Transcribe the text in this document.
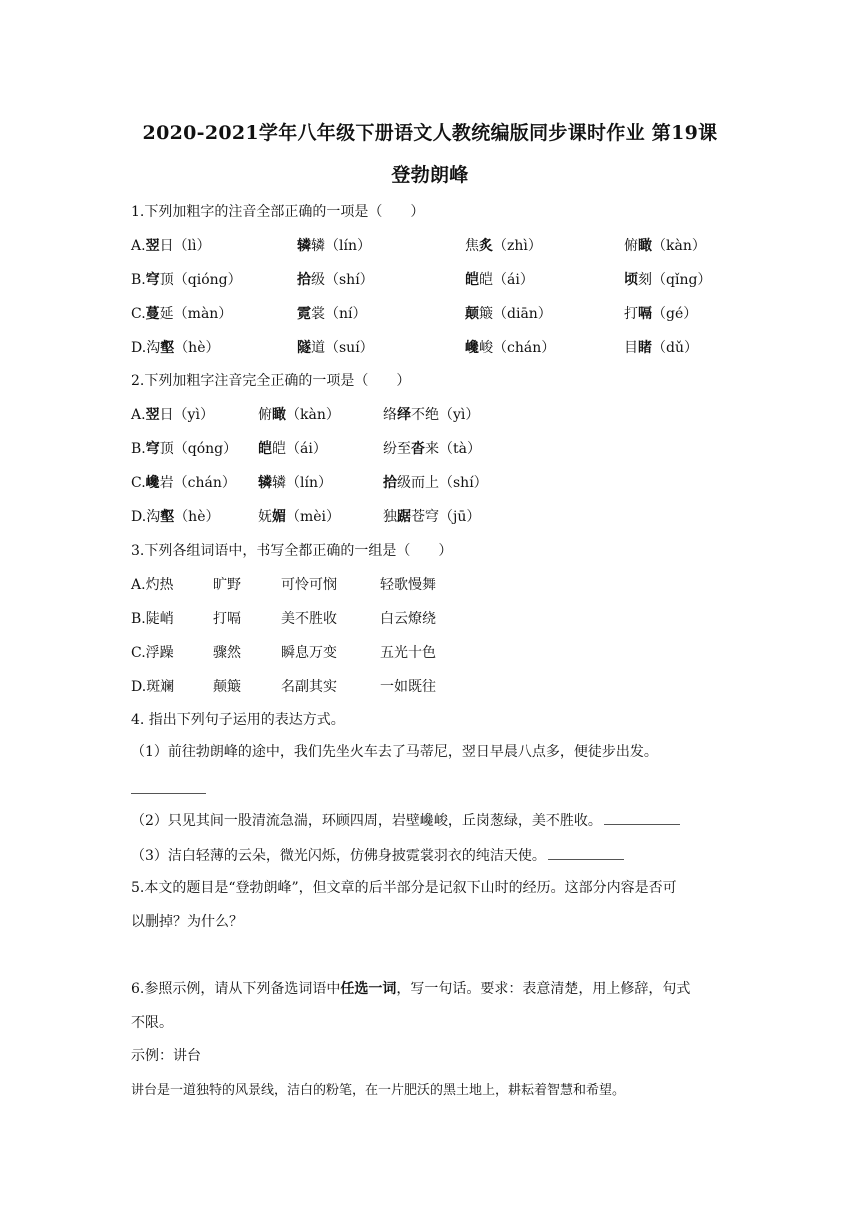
2020-2021学年八年级下册语文人教统编版同步课时作业 第19课
登勃朗峰
1.下列加粗字的注音全部正确的一项是（　　）
A.翌日（lì）	辚辚（lín）	焦炙（zhì）	俯瞰（kàn）
B.穹顶（qióng）	拾级（shí）	皑皑（ái）	顷刻（qǐng）
C.蔓延（màn）	霓裳（ní）	颠簸（diān）	打嗝（gé）
D.沟壑（hè）	隧道（suí）	巉峻（chán）	目睹（dǔ）
2.下列加粗字注音完全正确的一项是（　　）
A.翌日（yì）	俯瞰（kàn）	络绎不绝（yì）
B.穹顶（qóng） 皑皑（ái）	纷至沓来（tà）
C.巉岩（chán） 辚辚（lín）	拾级而上（shí）
D.沟壑（hè）	妩媚（mèi）	独踞苍穹（jū）
3.下列各组词语中，书写全都正确的一组是（　　）
A.灼热	旷野	可怜可悯	轻歌慢舞
B.陡峭	打嗝	美不胜收	白云燎绕
C.浮躁	骤然	瞬息万变	五光十色
D.斑斓	颠簸	名副其实	一如既往
4. 指出下列句子运用的表达方式。
（1）前往勃朗峰的途中，我们先坐火车去了马蒂尼，翌日早晨八点多，便徒步出发。
（2）只见其间一股清流急湍，环顾四周，岩壁巉峻，丘岗葱绿，美不胜收。
（3）洁白轻薄的云朵，微光闪烁，仿佛身披霓裳羽衣的纯洁天使。
5.本文的题目是“登勃朗峰”，但文章的后半部分是记叙下山时的经历。这部分内容是否可
以删掉？为什么？
6.参照示例，请从下列备选词语中任选一词，写一句话。要求：表意清楚，用上修辞，句式
不限。
示例：讲台
讲台是一道独特的风景线，洁白的粉笔，在一片肥沃的黑土地上，耕耘着智慧和希望。
